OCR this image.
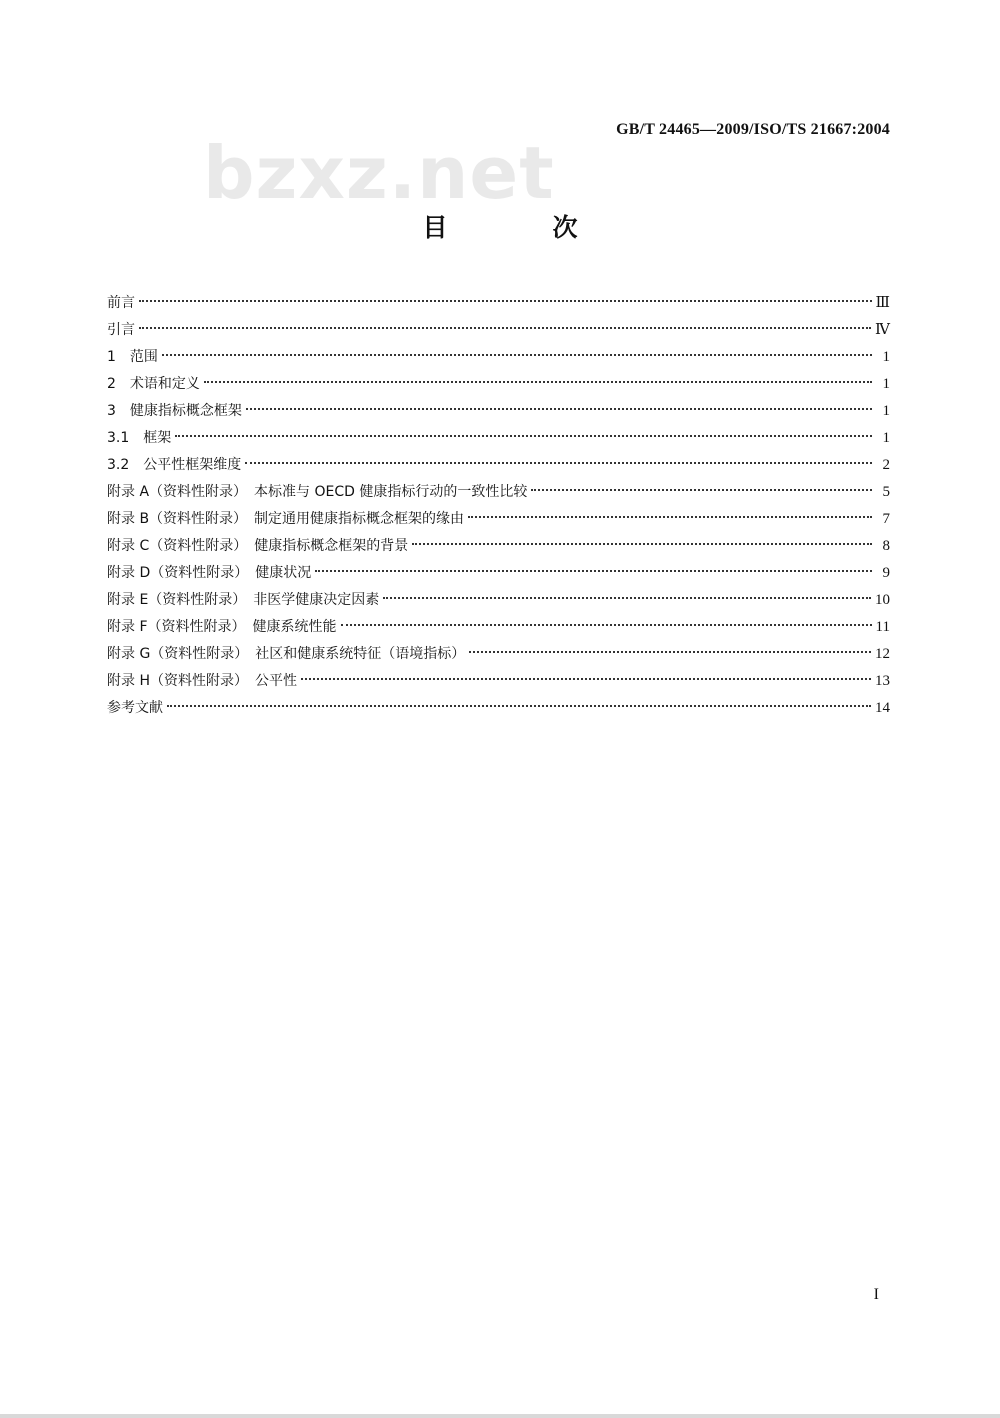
bzxz.net
GB/T 24465—2009/ISO/TS 21667:2004
目　次
前言	Ⅲ
引言	Ⅳ
1　范围	1
2　术语和定义	1
3　健康指标概念框架	1
3.1　框架	1
3.2　公平性框架维度	2
附录 A（资料性附录）　本标准与 OECD 健康指标行动的一致性比较	5
附录 B（资料性附录）　制定通用健康指标概念框架的缘由	7
附录 C（资料性附录）　健康指标概念框架的背景	8
附录 D（资料性附录）　健康状况	9
附录 E（资料性附录）　非医学健康决定因素	10
附录 F（资料性附录）　健康系统性能	11
附录 G（资料性附录）　社区和健康系统特征（语境指标）	12
附录 H（资料性附录）　公平性	13
参考文献	14
I
